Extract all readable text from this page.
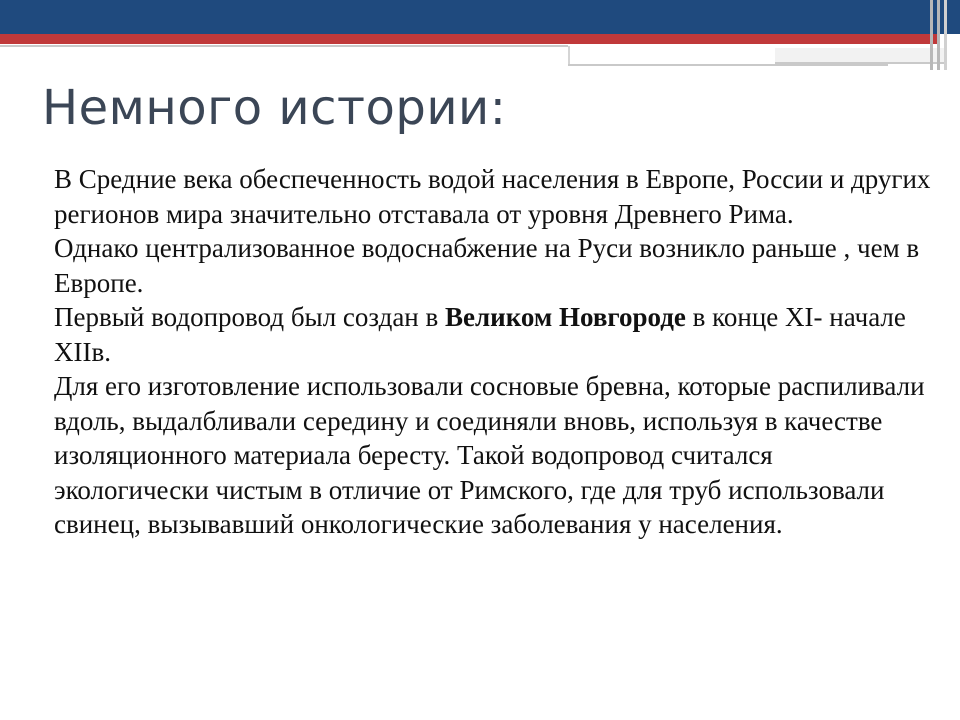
Немного истории:

В Средние века обеспеченность водой населения в Европе, России и других регионов мира значительно отставала от уровня Древнего Рима.

Однако централизованное водоснабжение на Руси возникло раньше , чем в Европе.

Первый водопровод был создан в Великом Новгороде в конце XI- начале XIIв.

Для его изготовление использовали сосновые бревна, которые распиливали вдоль, выдалбливали середину и соединяли вновь, используя в качестве изоляционного материала бересту. Такой водопровод считался экологически чистым в отличие от Римского, где для труб использовали свинец, вызывавший онкологические заболевания у населения.
